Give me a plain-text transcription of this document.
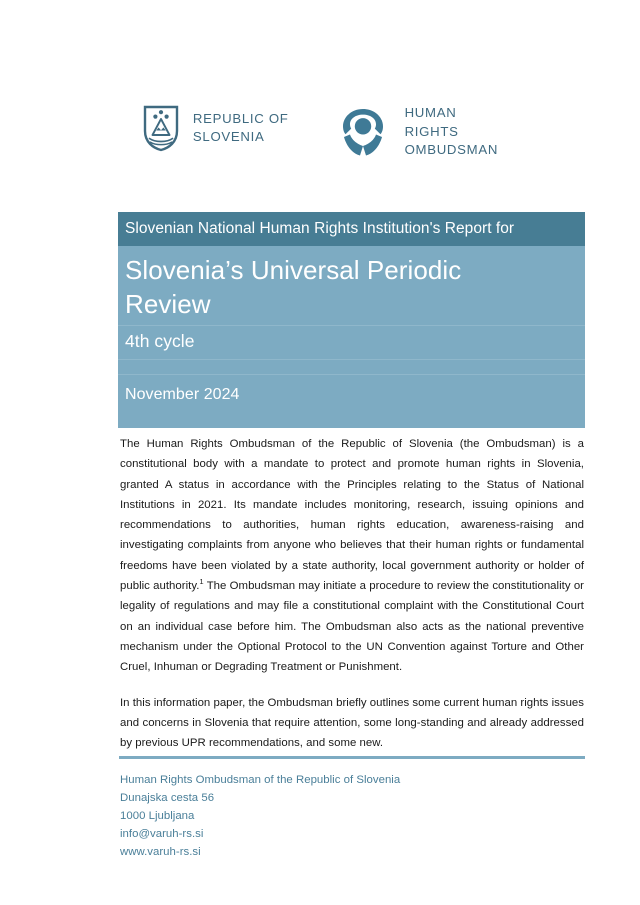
REPUBLIC OF
SLOVENIA
HUMAN
RIGHTS
OMBUDSMAN
Slovenian National Human Rights Institution's Report for
Slovenia’s Universal Periodic
Review
4th cycle
November 2024

The Human Rights Ombudsman of the Republic of Slovenia (the Ombudsman) is a constitutional body with a mandate to protect and promote human rights in Slovenia, granted A status in accordance with the Principles relating to the Status of National Institutions in 2021. Its mandate includes monitoring, research, issuing opinions and recommendations to authorities, human rights education, awareness-raising and investigating complaints from anyone who believes that their human rights or fundamental freedoms have been violated by a state authority, local government authority or holder of public authority.$^1$ The Ombudsman may initiate a procedure to review the constitutionality or legality of regulations and may file a constitutional complaint with the Constitutional Court on an individual case before him. The Ombudsman also acts as the national preventive mechanism under the Optional Protocol to the UN Convention against Torture and Other Cruel, Inhuman or Degrading Treatment or Punishment.

In this information paper, the Ombudsman briefly outlines some current human rights issues and concerns in Slovenia that require attention, some long-standing and already addressed by previous UPR recommendations, and some new.

Human Rights Ombudsman of the Republic of Slovenia
Dunajska cesta 56
1000 Ljubljana
info@varuh-rs.si
www.varuh-rs.si
